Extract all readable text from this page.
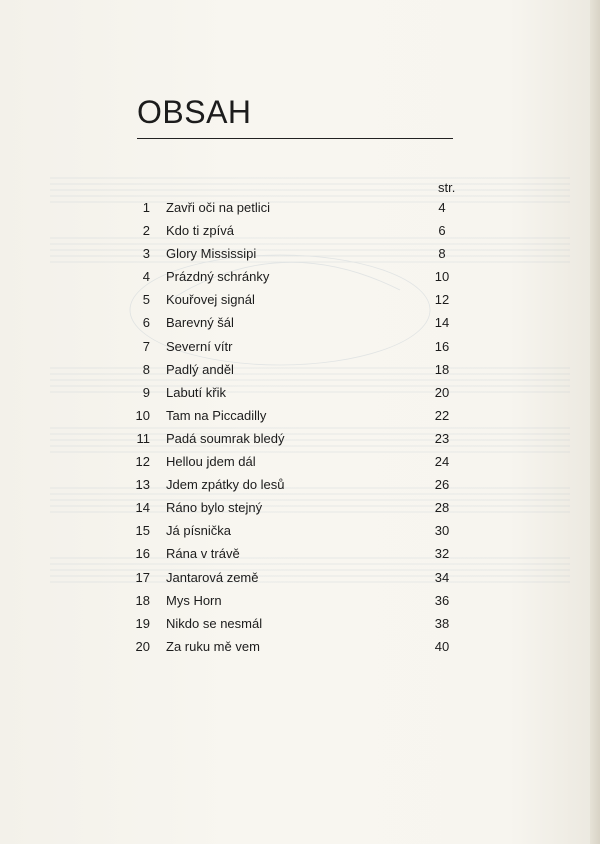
OBSAH
str.
1 Zavři oči na petlici	4
2 Kdo ti zpívá	6
3 Glory Mississipi	8
4 Prázdný schránky	10
5 Kouřovej signál	12
6 Barevný šál	14
7 Severní vítr	16
8 Padlý anděl	18
9 Labutí křik	20
10 Tam na Piccadilly	22
11 Padá soumrak bledý	23
12 Hellou jdem dál	24
13 Jdem zpátky do lesů	26
14 Ráno bylo stejný	28
15 Já písnička	30
16 Rána v trávě	32
17 Jantarová země	34
18 Mys Horn	36
19 Nikdo se nesmál	38
20 Za ruku mě vem	40
